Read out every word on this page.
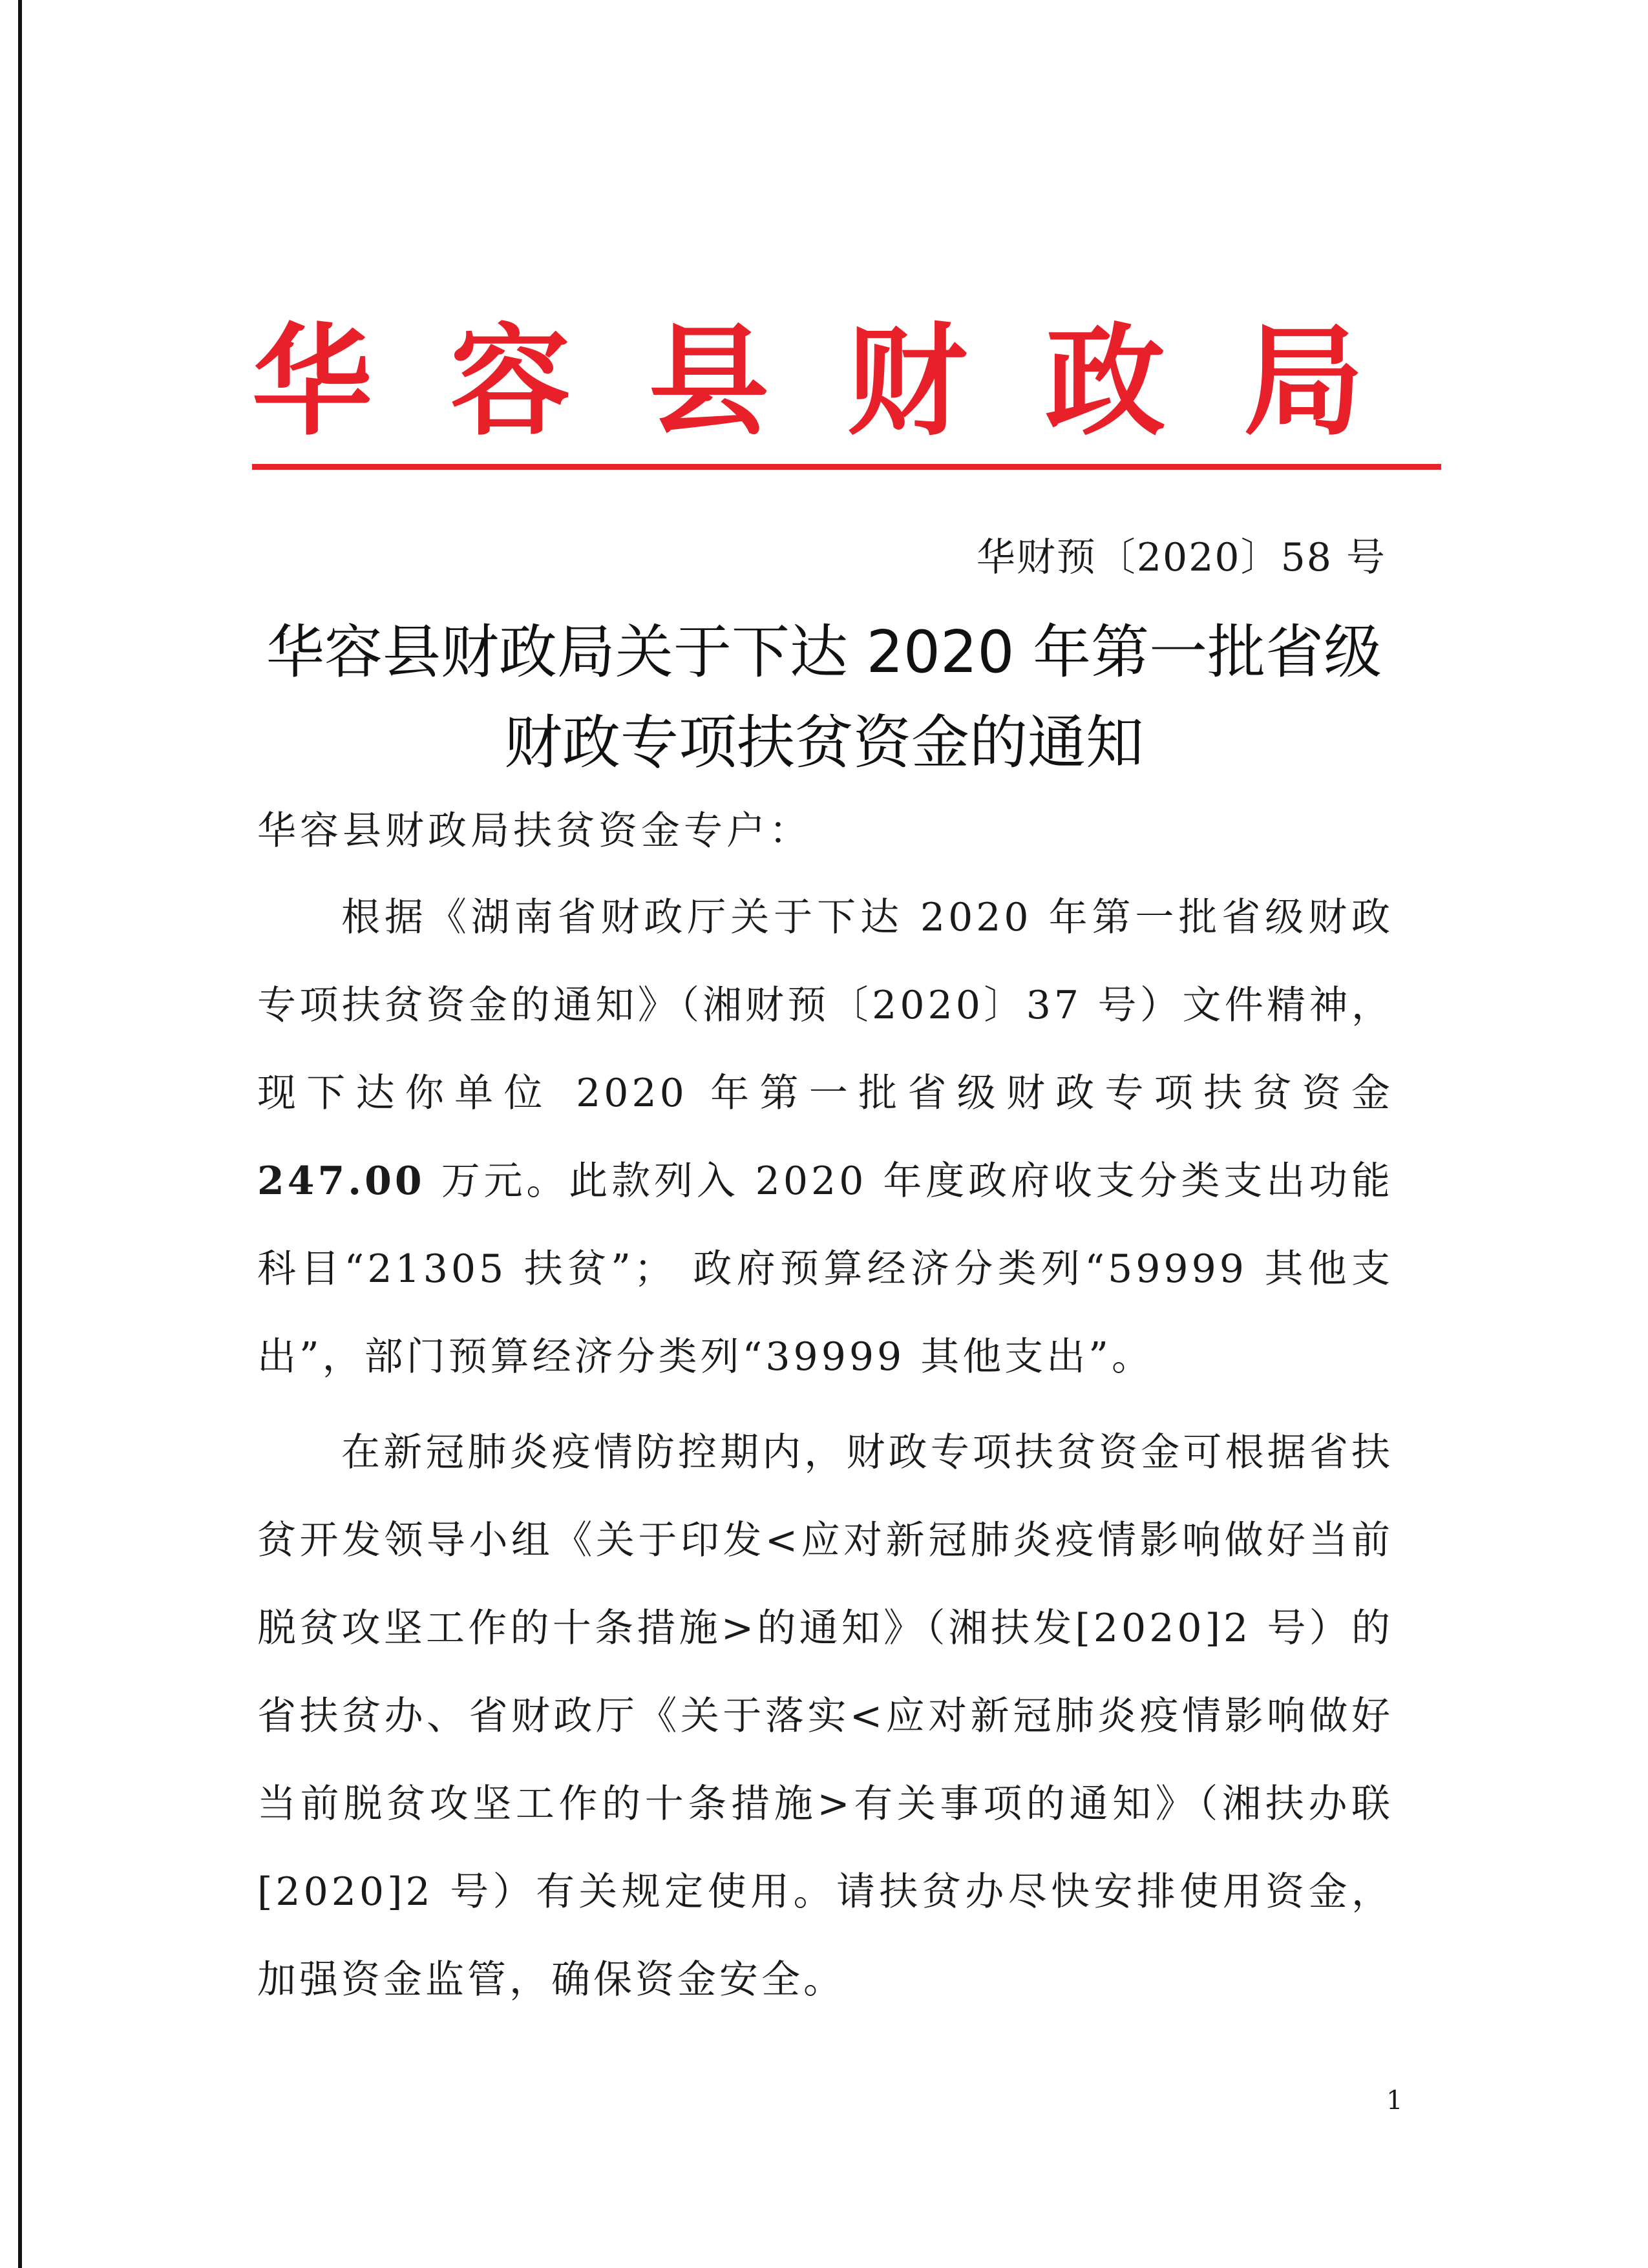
华 容 县 财 政 局
华财预〔2020〕58 号
华容县财政局关于下达 2020 年第一批省级
财政专项扶贫资金的通知
华容县财政局扶贫资金专户：

根据《湖南省财政厅关于下达 2020 年第一批省级财政专项扶贫资金的通知》（湘财预〔2020〕37 号）文件精神，现下达你单位 2020 年第一批省级财政专项扶贫资金 247.00 万元。此款列入 2020 年度政府收支分类支出功能科目“21305 扶贫”； 政府预算经济分类列“59999 其他支出”，部门预算经济分类列“39999 其他支出”。

在新冠肺炎疫情防控期内，财政专项扶贫资金可根据省扶贫开发领导小组《关于印发<应对新冠肺炎疫情影响做好当前脱贫攻坚工作的十条措施>的通知》（湘扶发[2020]2 号）的省扶贫办、省财政厅《关于落实<应对新冠肺炎疫情影响做好当前脱贫攻坚工作的十条措施>有关事项的通知》（湘扶办联[2020]2 号）有关规定使用。请扶贫办尽快安排使用资金，加强资金监管，确保资金安全。

1
